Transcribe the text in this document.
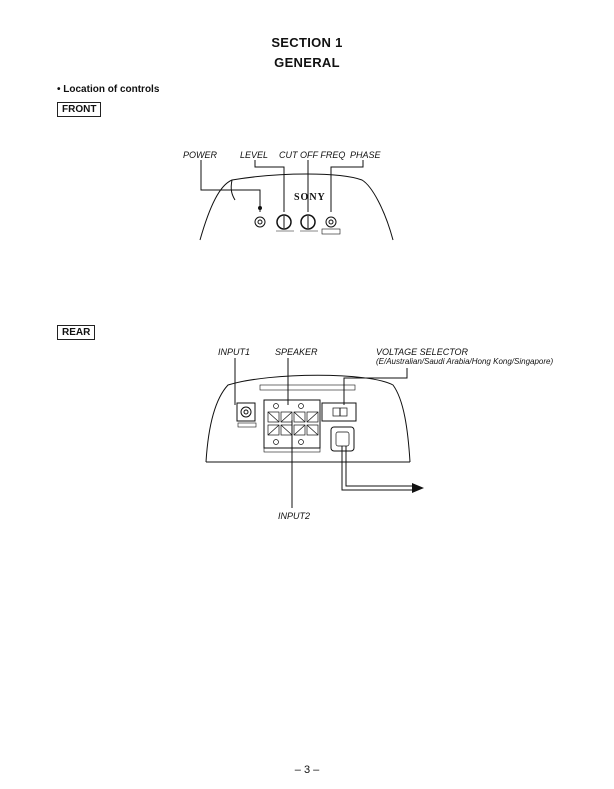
SECTION 1
GENERAL
• Location of controls
FRONT
REAR
SONY
POWER	LEVEL CUT OFF FREQ PHASE
INPUT1	SPEAKER	VOLTAGE SELECTOR
(E/Australian/Saudi Arabia/Hong Kong/Singapore)
INPUT2
– 3 –
